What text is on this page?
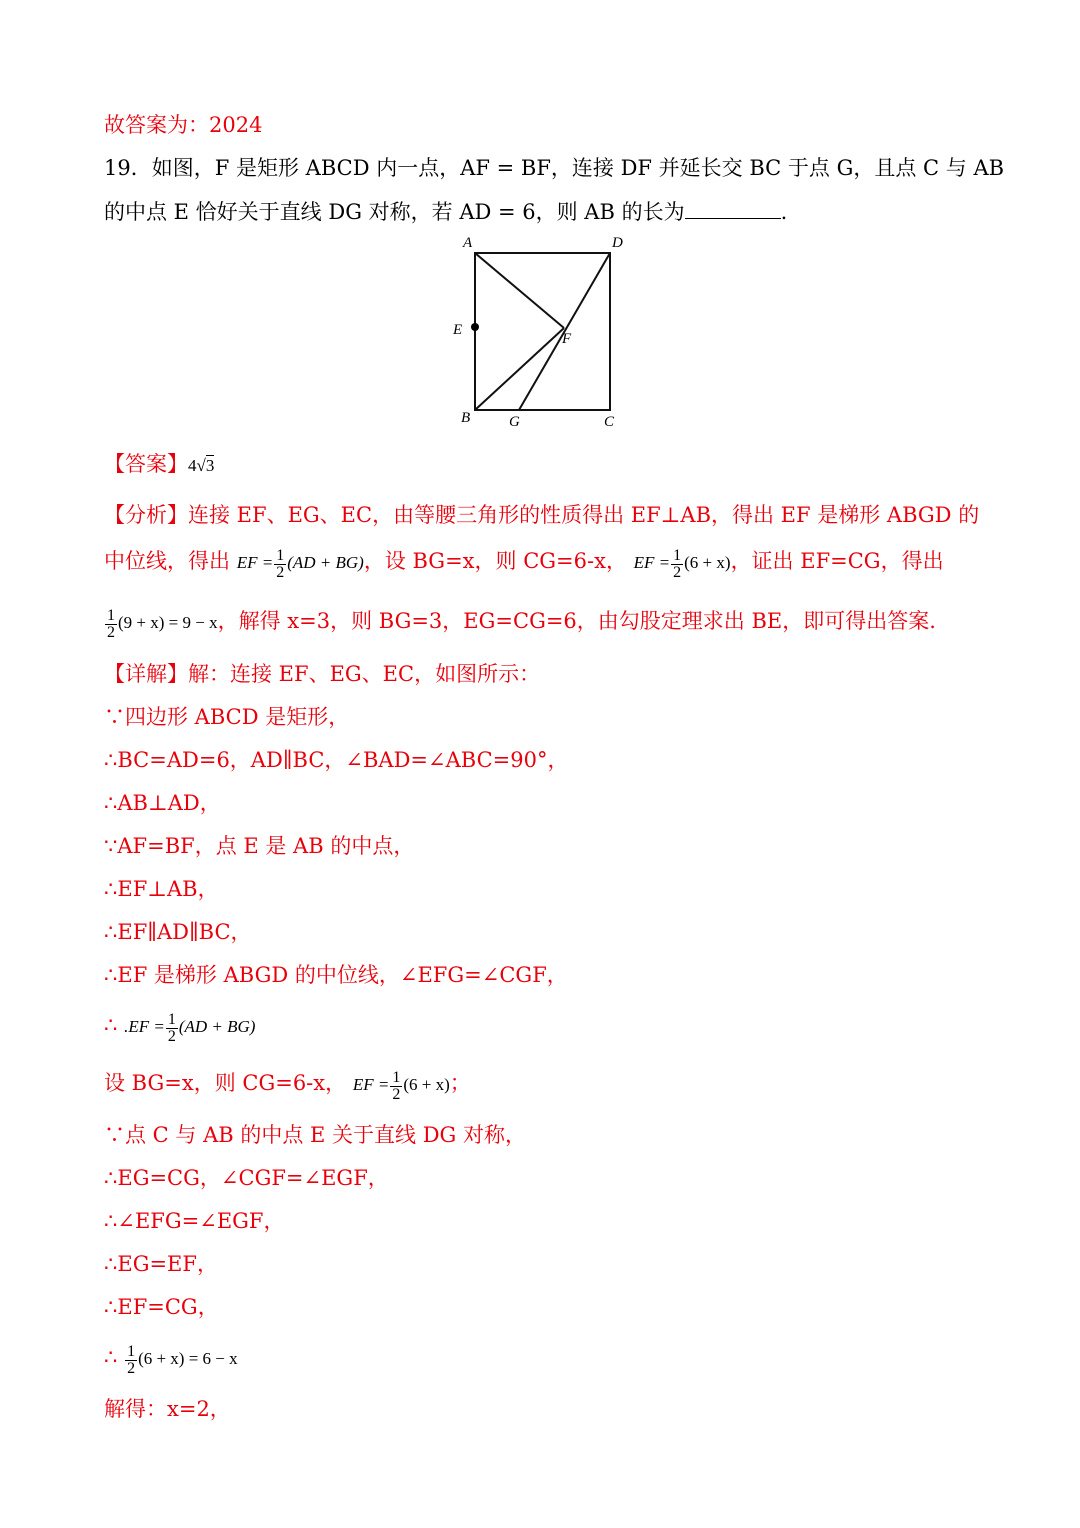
故答案为：2024
19．如图，F 是矩形 ABCD 内一点，AF = BF，连接 DF 并延长交 BC 于点 G，且点 C 与 AB
的中点 E 恰好关于直线 DG 对称，若 AD = 6，则 AB 的长为	.
A	D
E
F
B	G	C
【答案】4√3
【分析】连接 EF、EG、EC，由等腰三角形的性质得出 EF⊥AB，得出 EF 是梯形 ABGD 的
中位线，得出 EF = $\frac{1}{2} (AD + BG)$，设 BG=x，则 CG=6-x， EF = $\frac{1}{2} (6 + x)$，证出 EF=CG，得出
$\frac{1}{2} (9 + x) = 9 - x$，解得 x=3，则 BG=3，EG=CG=6，由勾股定理求出 BE，即可得出答案.
【详解】解：连接 EF、EG、EC，如图所示：
∵四边形 ABCD 是矩形，
∴BC=AD=6，AD∥BC，∠BAD=∠ABC=90°，
∴AB⊥AD，
∵AF=BF，点 E 是 AB 的中点，
∴EF⊥AB，
∴EF∥AD∥BC，
∴EF 是梯形 ABGD 的中位线，∠EFG=∠CGF，
∴ $.EF = \frac{1}{2} (AD + BG)$
设 BG=x，则 CG=6-x， EF = $\frac{1}{2} (6 + x)$；
∵点 C 与 AB 的中点 E 关于直线 DG 对称，
∴EG=CG，∠CGF=∠EGF，
∴∠EFG=∠EGF，
∴EG=EF，
∴EF=CG，
∴ $\frac{1}{2} (6 + x) = 6 - x$
解得：x=2，
